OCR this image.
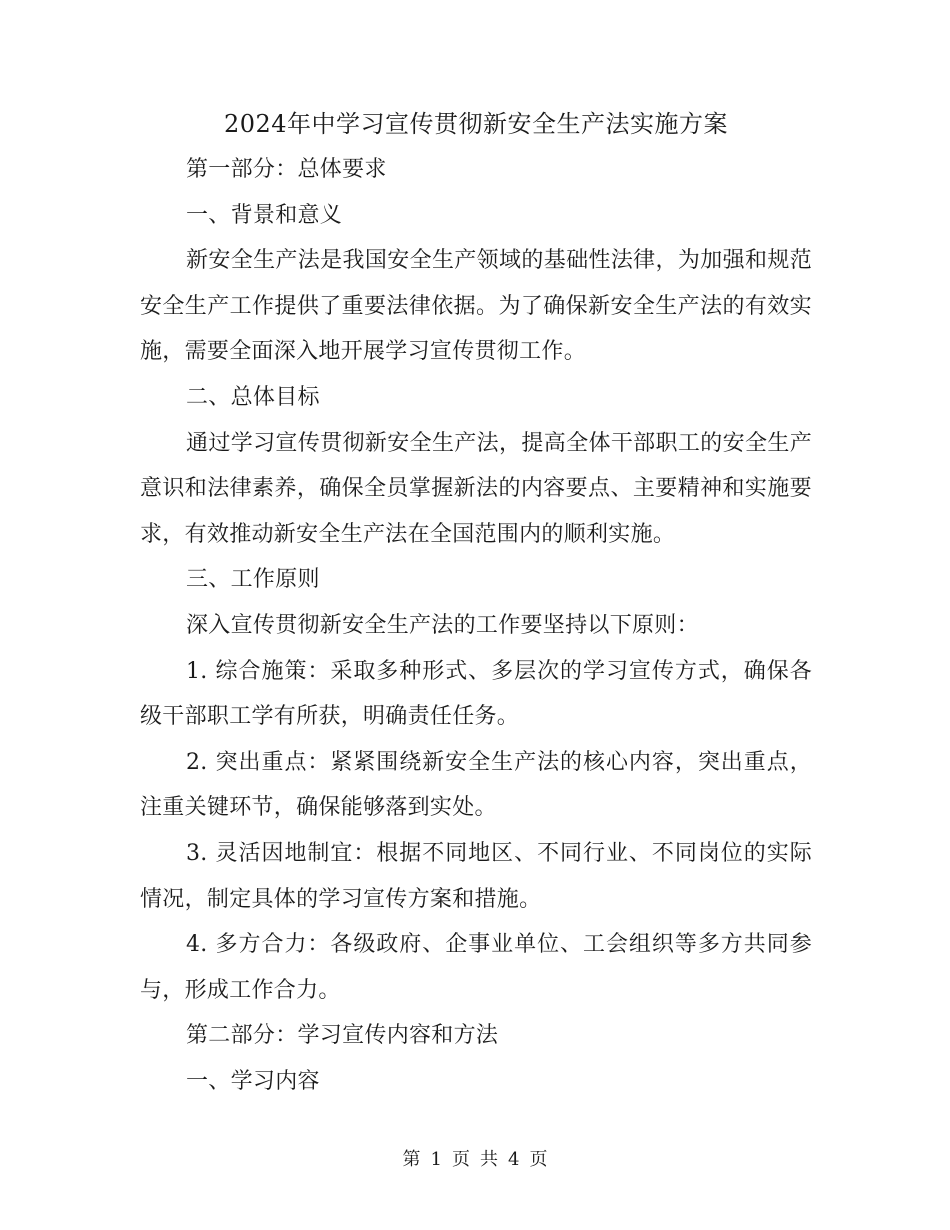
2024年中学习宣传贯彻新安全生产法实施方案

第一部分：总体要求

一、背景和意义

新安全生产法是我国安全生产领域的基础性法律，为加强和规范安全生产工作提供了重要法律依据。为了确保新安全生产法的有效实施，需要全面深入地开展学习宣传贯彻工作。

二、总体目标

通过学习宣传贯彻新安全生产法，提高全体干部职工的安全生产意识和法律素养，确保全员掌握新法的内容要点、主要精神和实施要求，有效推动新安全生产法在全国范围内的顺利实施。

三、工作原则

深入宣传贯彻新安全生产法的工作要坚持以下原则：

1. 综合施策：采取多种形式、多层次的学习宣传方式，确保各级干部职工学有所获，明确责任任务。

2. 突出重点：紧紧围绕新安全生产法的核心内容，突出重点，注重关键环节，确保能够落到实处。

3. 灵活因地制宜：根据不同地区、不同行业、不同岗位的实际情况，制定具体的学习宣传方案和措施。

4. 多方合力：各级政府、企事业单位、工会组织等多方共同参与，形成工作合力。

第二部分：学习宣传内容和方法

一、学习内容

第 1 页 共 4 页
